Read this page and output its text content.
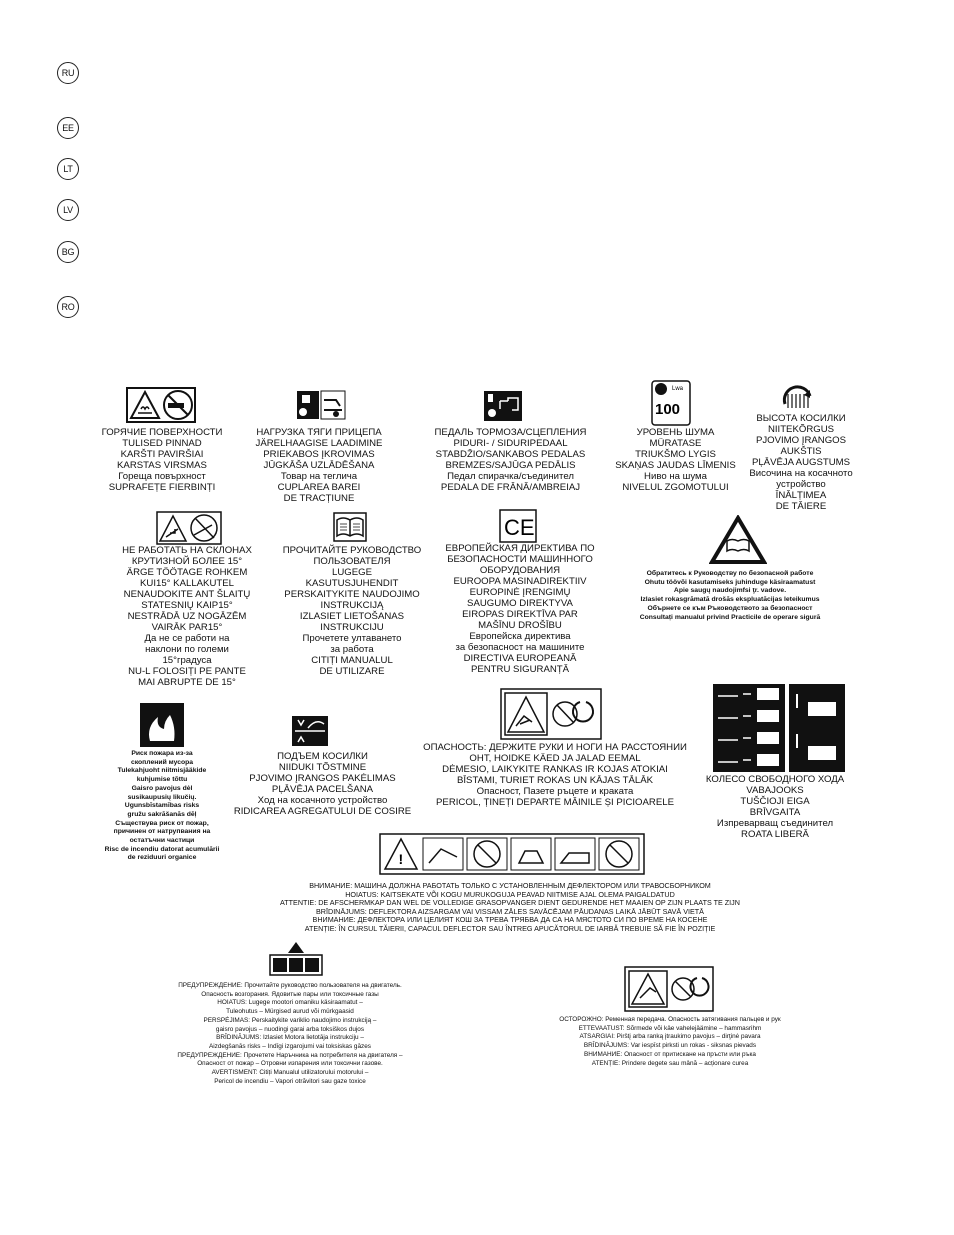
RU
EE
LT
LV
BG
RO
Lwa
100
ГОРЯЧИЕ ПОВЕРХНОСТИ
TULISED PINNAD
KARŠTI PAVIRŠIAI
KARSTAS VIRSMAS
Горещa повърхност
SUPRAFEȚE FIERBINȚI
НАГРУЗКА ТЯГИ ПРИЦЕПА
JÄRELHAAGISE LAADIMINE
PRIEKABOS ĮKROVIMAS
JŪGKĀŠA UZLĀDĒŠANA
Товар на теглича
CUPLAREA BAREI
DE TRACȚIUNE
ПЕДАЛЬ ТОРМОЗА/СЦЕПЛЕНИЯ
PIDURI- / SIDURIPEDAAL
STABDŽIO/SANKABOS PEDALAS
BREMZES/SAJŪGA PEDĀLIS
Педал спирачка/съединител
PEDALA DE FRÂNĂ/AMBREIAJ
УРОВЕНЬ ШУМА
MÜRATASE
TRIUKŠMO LYGIS
SKAŅAS JAUDAS LĪMENIS
Ниво на шума
NIVELUL ZGOMOTULUI
ВЫСОТА КОСИЛКИ
NIITEKÕRGUS
PJOVIMO ĮRANGOS
AUKŠTIS
PĻĀVĒJA AUGSTUMS
Височина на косачното
устройство
ÎNĂLȚIMEA
DE TĂIERE
CE
НЕ РАБОТАТЬ НА СКЛОНАХ
КРУТИЗНОЙ БОЛЕЕ 15°
ÄRGE TÖÖTAGE ROHKEM
KUI15° KALLAKUTEL
NENAUDOKITE ANT ŠLAITŲ
STATESNIŲ KAIP15°
NESTRĀDĀ UZ NOGĀZĒM
VAIRĀK PAR15°
Да не се работи на
наклони по големи
15°градуса
NU-L FOLOSIȚI PE PANTE
MAI ABRUPTE DE 15°
ПРОЧИТАЙТЕ РУКОВОДСТВО
ПОЛЬЗОВАТЕЛЯ
LUGEGE
KASUTUSJUHENDIT
PERSKAITYKITE NAUDOJIMO
INSTRUKCIJĄ
IZLASIET LIETOŠANAS
INSTRUKCIJU
Прочетете ултаването
за работа
CITIȚI MANUALUL
DE UTILIZARE
ЕВРОПЕЙСКАЯ ДИРЕКТИВА ПО
БЕЗОПАСНОСТИ МАШИННОГО
ОБОРУДОВАНИЯ
EUROOPA MASINADIREKTIIV
EUROPINĖ ĮRENGIMŲ
SAUGUMO DIREKTYVA
EIROPAS DIREKTĪVA PAR
MAŠĪNU DROŠĪBU
Европейска директива
за безопасност на машините
DIRECTIVA EUROPEANĂ
PENTRU SIGURANȚĂ
Обратитесь к Руководству по безопасной работе
Ohutu töövõi kasutamiseks juhinduge käsiraamatust
Apie saugų naudojimfsi ţr. vadove.
Izlasiet rokasgrāmatā drošās ekspluatācijas leteikumus
Обърнете се към Ръководството за безопасност
Consultați manualul privind Practicile de operare sigură
Риск пожара из-за
скоплений мусора
Tulekahjuoht niitmisjääkide
kuhjumise tõttu
Gaisro pavojus dėl
susikaupusių likučių.
Ugunsbīstamības risks
gružu sakrāšanās dēļ
Съществува риск от пожар,
причинен от натрупвания на
остатъчни частици
Risc de incendiu datorat acumulării
de reziduuri organice
ПОДЪЕМ КОСИЛКИ
NIIDUKI TÕSTMINE
PJOVIMO ĮRANGOS PAKĖLIMAS
PĻĀVĒJA PACELŠANA
Ход на косачното устройство
RIDICAREA AGREGATULUI DE COSIRE
ОПАСНОСТЬ: ДЕРЖИТЕ РУКИ И НОГИ НА РАССТОЯНИИ
OHT, HOIDKE KÄED JA JALAD EEMAL
DĖMESIO, LAIKYKITE RANKAS IR KOJAS ATOKIAI
BĪSTAMI, TURIET ROKAS UN KĀJAS TĀLĀK
Опасност, Пазете ръцете и краката
PERICOL, ȚINEȚI DEPARTE MÂINILE ȘI PICIOARELE
КОЛЕСО СВОБОДНОГО ХОДА
VABAJOOKS
TUŠČIOJI EIGA
BRĪVGAITA
Изпреварващ съединител
ROATA LIBERĂ
!
ВНИМАНИЕ: МАШИНА ДОЛЖНА РАБОТАТЬ ТОЛЬКО С УСТАНОВЛЕННЫМ ДЕФЛЕКТОРОМ ИЛИ ТРАВОСБОРНИКОМ
HOIATUS: KAITSEKATE VÕI KOGU MURUKOGUJA PEAVAD NIITMISE AJAL OLEMA PAIGALDATUD
ATTENTIE: DE AFSCHERMKAP DAN WEL DE VOLLEDIGE GRASOPVANGER DIENT GEDURENDE HET MAAIEN OP ZIJN PLAATS TE ZIJN
BRĪDINĀJUMS: DEFLEKTORA AIZSARGAM VAI VISSAM ZĀLES SAVĀCĒJAM PĀUDANAS LAIKĀ JĀBŪT SAVĀ VIETĀ
ВНИМАНИЕ: ДЕФЛЕКТОРА ИЛИ ЦЕЛИЯТ КОШ ЗА ТРЕВА ТРЯБВА ДА СА НА МЯСТОТО СИ ПО ВРЕМЕ НА КОСЕНЕ
ATENȚIE: ÎN CURSUL TĂIERII, CAPACUL DEFLECTOR SAU ÎNTREG APUCĂTORUL DE IARBĂ TREBUIE SĂ FIE ÎN POZIȚIE
ПРЕДУПРЕЖДЕНИЕ: Прочитайте руководство пользователя на двигатель.
Опасность возгорания. Ядовитые пары или токсичные газы
HOIATUS: Lugege mootori omaniku käsiraamatut –
Tuleohutus – Mürgised aurud või mürkgaasid
PERSPĖJIMAS: Perskaitykite variklio naudojimo instrukciją –
gaisro pavojus – nuodingi garai arba toksiškos dujos
BRĪDINĀJUMS: Izlasiet Motora lietotāja instrukciju –
Aizdegšanās risks – Indīgi izgarojumi vai toksiskas gāzes
ПРЕДУПРЕЖДЕНИЕ: Прочетете Наръчника на потребителя на двигателя –
Опасност от пожар – Отровни изпарения или токсични газове.
AVERTISMENT: Citiți Manualul utilizatorului motorului –
Pericol de incendiu – Vapori otrăvitori sau gaze toxice
ОСТОРОЖНО: Ременная передача. Опасность затягивания пальцев и рук
ETTEVAATUST: Sõrmede või käe vahelejäämine – hammasrihm
ATSARGIAI: Pirštį arba ranką įtraukimo pavojus – dirţinė pavara
BRĪDINĀJUMS: Var iespīst pirksti un rokas - siksnas pievads
ВНИМАНИЕ: Опасност от притискане на пръсти или ръка
ATENȚIE: Prindere degete sau mână – acționare curea
